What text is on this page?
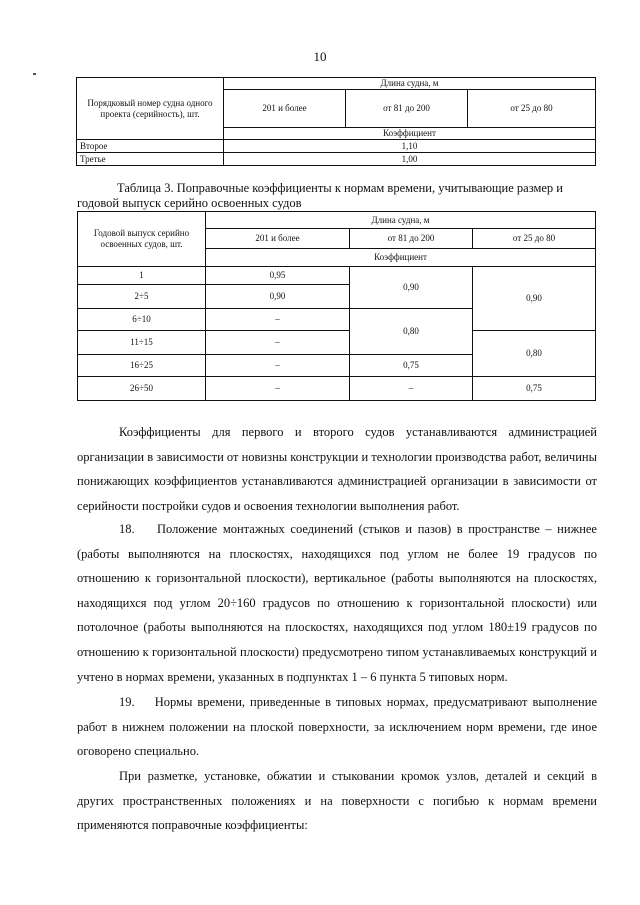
10
Порядковый номер судна одного проекта (серийность), шт.	Длина судна, м		
	201 и более	от 81 до 200	от 25 до 80
	Коэффициент		
Второе	1,10		
Третье	1,00		
Таблица 3. Поправочные коэффициенты к нормам времени, учитывающие размер и годовой выпуск серийно освоенных судов
Годовой выпуск серийно освоенных судов, шт.	Длина судна, м		
	201 и более	от 81 до 200	от 25 до 80
	Коэффициент		
1	0,95	0,90	0,90
2÷5	0,90		
6÷10	–	0,80	
11÷15	–		0,80
16÷25	–	0,75	
26÷50	–	–	0,75
Коэффициенты для первого и второго судов устанавливаются администрацией организации в зависимости от новизны конструкции и технологии производства работ, величины понижающих коэффициентов устанавливаются администрацией организации в зависимости от серийности постройки судов и освоения технологии выполнения работ.
18.    Положение монтажных соединений (стыков и пазов) в пространстве – нижнее (работы выполняются на плоскостях, находящихся под углом не более 19 градусов по отношению к горизонтальной плоскости), вертикальное (работы выполняются на плоскостях, находящихся под углом 20÷160 градусов по отношению к горизонтальной плоскости) или потолочное (работы выполняются на плоскостях, находящихся под углом 180±19 градусов по отношению к горизонтальной плоскости) предусмотрено типом устанавливаемых конструкций и учтено в нормах времени, указанных в подпунктах 1 – 6 пункта 5 типовых норм.
19.    Нормы времени, приведенные в типовых нормах, предусматривают выполнение работ в нижнем положении на плоской поверхности, за исключением норм времени, где иное оговорено специально.
При разметке, установке, обжатии и стыковании кромок узлов, деталей и секций в других пространственных положениях и на поверхности с погибью к нормам времени применяются поправочные коэффициенты:
